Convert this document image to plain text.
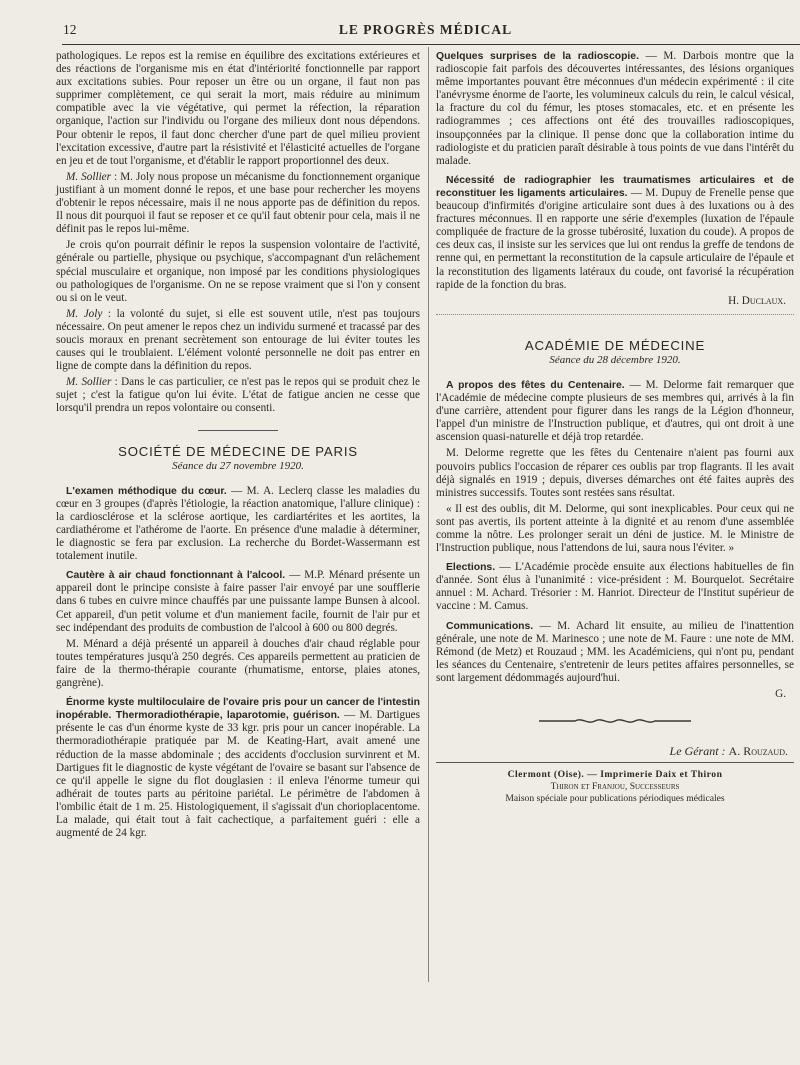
12	LE PROGRÈS MÉDICAL

pathologiques. Le repos est la remise en équilibre des excitations extérieures et des réactions de l'organisme mis en état d'intériorité fonctionnelle par rapport aux excitations subies. Pour reposer un être ou un organe, il faut non pas supprimer complètement, ce qui serait la mort, mais réduire au minimum compatible avec la vie végétative, qui permet la réfection, la réparation organique, l'action sur l'individu ou l'organe des milieux dont nous dépendons. Pour obtenir le repos, il faut donc chercher d'une part de quel milieu provient l'excitation excessive, d'autre part la résistivité et l'élasticité actuelles de l'organe en jeu et de tout l'organisme, et d'établir le rapport proportionnel des deux.

M. Sollier : M. Joly nous propose un mécanisme du fonctionnement organique justifiant à un moment donné le repos, et une base pour rechercher les moyens d'obtenir le repos nécessaire, mais il ne nous apporte pas de définition du repos. Il nous dit pourquoi il faut se reposer et ce qu'il faut obtenir pour cela, mais il ne définit pas le repos lui-même.

Je crois qu'on pourrait définir le repos la suspension volontaire de l'activité, générale ou partielle, physique ou psychique, s'accompagnant d'un relâchement spécial musculaire et organique, non imposé par les conditions physiologiques ou pathologiques de l'organisme. On ne se repose vraiment que si l'on y consent ou si on le veut.

M. Joly : la volonté du sujet, si elle est souvent utile, n'est pas toujours nécessaire. On peut amener le repos chez un individu surmené et tracassé par des soucis moraux en prenant secrètement son entourage de lui éviter toutes les causes qui le troublaient. L'élément volonté personnelle ne doit pas entrer en ligne de compte dans la définition du repos.

M. Sollier : Dans le cas particulier, ce n'est pas le repos qui se produit chez le sujet ; c'est la fatigue qu'on lui évite. L'état de fatigue ancien ne cesse que lorsqu'il prendra un repos volontaire ou consenti.

SOCIÉTÉ DE MÉDECINE DE PARIS
Séance du 27 novembre 1920.

L'examen méthodique du cœur. — M. A. Leclerq classe les maladies du cœur en 3 groupes (d'après l'étiologie, la réaction anatomique, l'allure clinique) : la cardiosclérose et la sclérose aortique, les cardiartérites et les aortites, la cardiathérome et l'athérome de l'aorte. En présence d'une maladie à déterminer, le diagnostic se fera par exclusion. La recherche du Bordet-Wassermann est totalement inutile.

Cautère à air chaud fonctionnant à l'alcool. — M.P. Ménard présente un appareil dont le principe consiste à faire passer l'air envoyé par une soufflerie dans 6 tubes en cuivre mince chauffés par une puissante lampe Bunsen à alcool. Cet appareil, d'un petit volume et d'un maniement facile, fournit de l'air pur et sec indépendant des produits de combustion de l'alcool à 600 ou 800 degrés.

M. Ménard a déjà présenté un appareil à douches d'air chaud réglable pour toutes températures jusqu'à 250 degrés. Ces appareils permettent au praticien de faire de la thermo-thérapie courante (rhumatisme, entorse, plaies atones, gangrène).

Énorme kyste multiloculaire de l'ovaire pris pour un cancer de l'intestin inopérable. Thermoradiothérapie, laparotomie, guérison. — M. Dartigues présente le cas d'un énorme kyste de 33 kgr. pris pour un cancer inopérable. La thermoradiothérapie pratiquée par M. de Keating-Hart, avait amené une réduction de la masse abdominale ; des accidents d'occlusion survinrent et M. Dartigues fit le diagnostic de kyste végétant de l'ovaire se basant sur l'absence de ce qu'il appelle le signe du flot douglasien : il enleva l'énorme tumeur qui adhérait de toutes parts au péritoine pariétal. Le périmètre de l'abdomen à l'ombilic était de 1 m. 25. Histologiquement, il s'agissait d'un chorioplacentome. La malade, qui était tout à fait cachectique, a parfaitement guéri : elle a augmenté de 24 kgr.

Quelques surprises de la radioscopie. — M. Darbois montre que la radioscopie fait parfois des découvertes intéressantes, des lésions organiques même importantes pouvant être méconnues d'un médecin expérimenté : il cite l'anévrysme énorme de l'aorte, les volumineux calculs du rein, le calcul vésical, la fracture du col du fémur, les ptoses stomacales, etc. et en présente les radiogrammes ; ces affections ont été des trouvailles radioscopiques, insoupçonnées par la clinique. Il pense donc que la collaboration intime du radiologiste et du praticien paraît désirable à tous points de vue dans l'intérêt du malade.

Nécessité de radiographier les traumatismes articulaires et de reconstituer les ligaments articulaires. — M. Dupuy de Frenelle pense que beaucoup d'infirmités d'origine articulaire sont dues à des luxations ou à des fractures méconnues. Il en rapporte une série d'exemples (luxation de l'épaule compliquée de fracture de la grosse tubérosité, luxation du coude). A propos de ces deux cas, il insiste sur les services que lui ont rendus la greffe de tendons de renne qui, en permettant la reconstitution de la capsule articulaire de l'épaule et la reconstitution des ligaments latéraux du coude, ont favorisé la récupération rapide de la fonction du bras.

H. Duclaux.
ACADÉMIE DE MÉDECINE
Séance du 28 décembre 1920.

A propos des fêtes du Centenaire. — M. Delorme fait remarquer que l'Académie de médecine compte plusieurs de ses membres qui, arrivés à la fin d'une carrière, attendent pour figurer dans les rangs de la Légion d'honneur, l'appel d'un ministre de l'Instruction publique, et d'autres, qui ont droit à une ascension quasi-naturelle et déjà trop retardée.

M. Delorme regrette que les fêtes du Centenaire n'aient pas fourni aux pouvoirs publics l'occasion de réparer ces oublis par trop flagrants. Il les avait déjà signalés en 1919 ; depuis, diverses démarches ont été faites auprès des ministres successifs. Toutes sont restées sans résultat.

« Il est des oublis, dit M. Delorme, qui sont inexplicables. Pour ceux qui ne sont pas avertis, ils portent atteinte à la dignité et au renom d'une assemblée comme la nôtre. Les prolonger serait un déni de justice. M. le Ministre de l'Instruction publique, nous l'attendons de lui, saura nous l'éviter. »

Elections. — L'Académie procède ensuite aux élections habituelles de fin d'année. Sont élus à l'unanimité : vice-président : M. Bourquelot. Secrétaire annuel : M. Achard. Trésorier : M. Hanriot. Directeur de l'Institut supérieur de vaccine : M. Camus.

Communications. — M. Achard lit ensuite, au milieu de l'inattention générale, une note de M. Marinesco ; une note de M. Faure : une note de MM. Rémond (de Metz) et Rouzaud ; MM. les Académiciens, qui n'ont pu, pendant les séances du Centenaire, s'entretenir de leurs petites affaires personnelles, se sont largement dédommagés aujourd'hui.

G.
Le Gérant : A. Rouzaud.
Clermont (Oise). — Imprimerie Daix et Thiron
Thiron et Franjou, Successeurs
Maison spéciale pour publications périodiques médicales
